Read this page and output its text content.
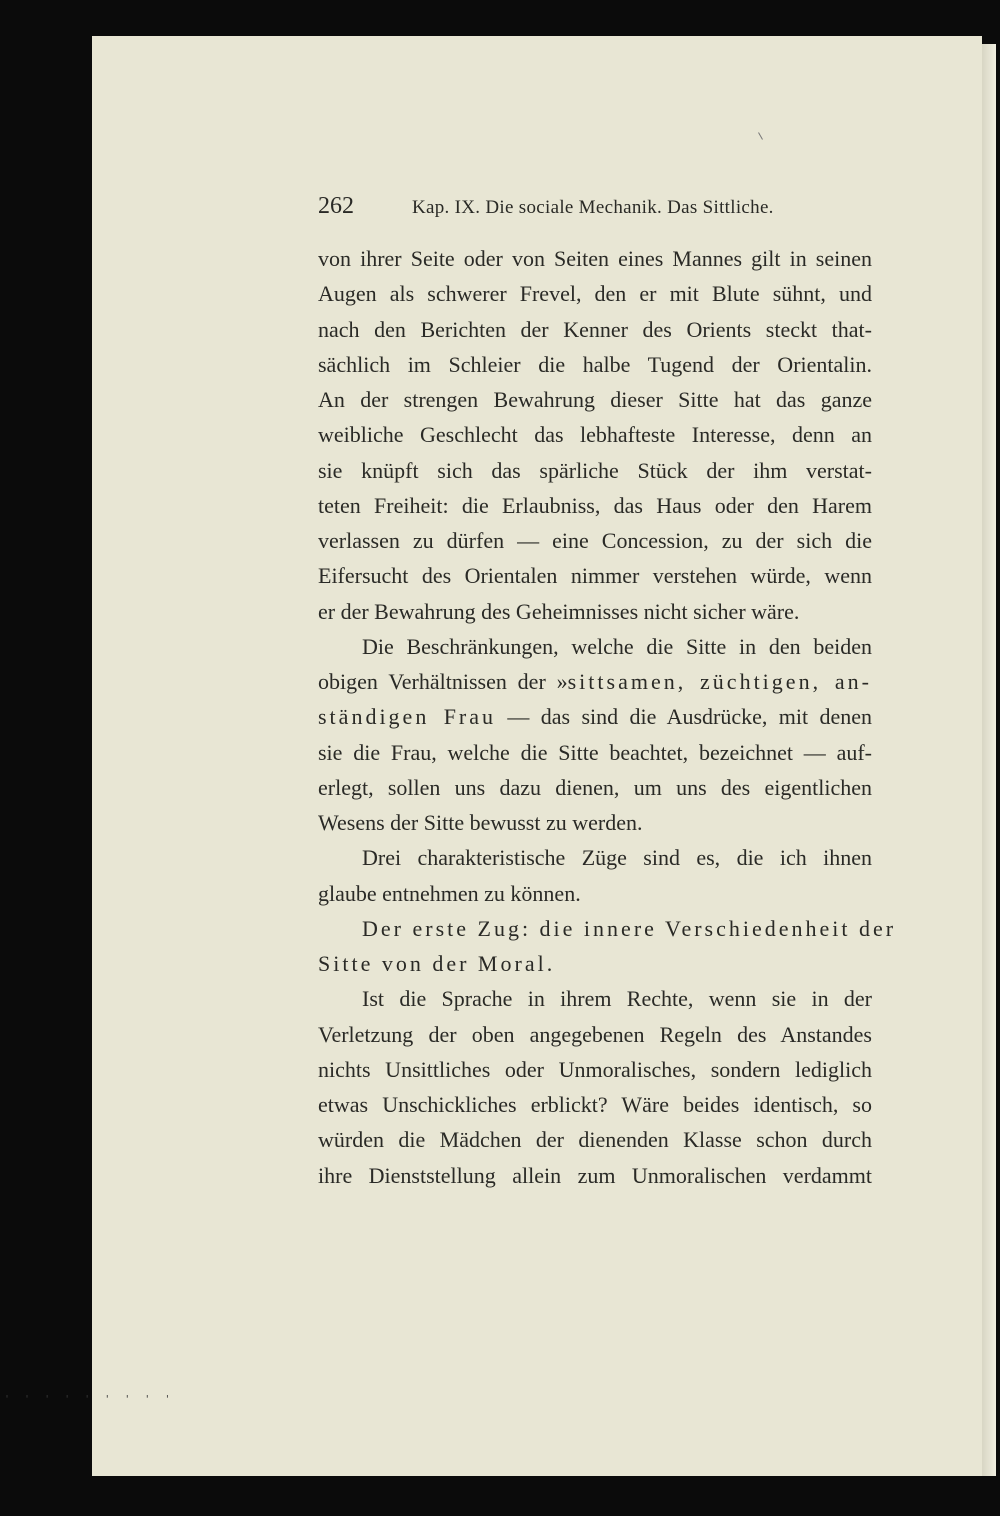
262	Kap. IX. Die sociale Mechanik. Das Sittliche.
von ihrer Seite oder von Seiten eines Mannes gilt in seinen
Augen als schwerer Frevel, den er mit Blute sühnt, und
nach den Berichten der Kenner des Orients steckt that-
sächlich im Schleier die halbe Tugend der Orientalin.
An der strengen Bewahrung dieser Sitte hat das ganze
weibliche Geschlecht das lebhafteste Interesse, denn an
sie knüpft sich das spärliche Stück der ihm verstat-
teten Freiheit: die Erlaubniss, das Haus oder den Harem
verlassen zu dürfen — eine Concession, zu der sich die
Eifersucht des Orientalen nimmer verstehen würde, wenn
er der Bewahrung des Geheimnisses nicht sicher wäre.
Die Beschränkungen, welche die Sitte in den beiden
obigen Verhältnissen der »sittsamen, züchtigen, an-
ständigen Frau — das sind die Ausdrücke, mit denen
sie die Frau, welche die Sitte beachtet, bezeichnet — auf-
erlegt, sollen uns dazu dienen, um uns des eigentlichen
Wesens der Sitte bewusst zu werden.
Drei charakteristische Züge sind es, die ich ihnen
glaube entnehmen zu können.
Der erste Zug: die innere Verschiedenheit der
Sitte von der Moral.
Ist die Sprache in ihrem Rechte, wenn sie in der
Verletzung der oben angegebenen Regeln des Anstandes
nichts Unsittliches oder Unmoralisches, sondern lediglich
etwas Unschickliches erblickt? Wäre beides identisch, so
würden die Mädchen der dienenden Klasse schon durch
ihre Dienststellung allein zum Unmoralischen verdammt
' ' ' ' ' ' ' ' '
